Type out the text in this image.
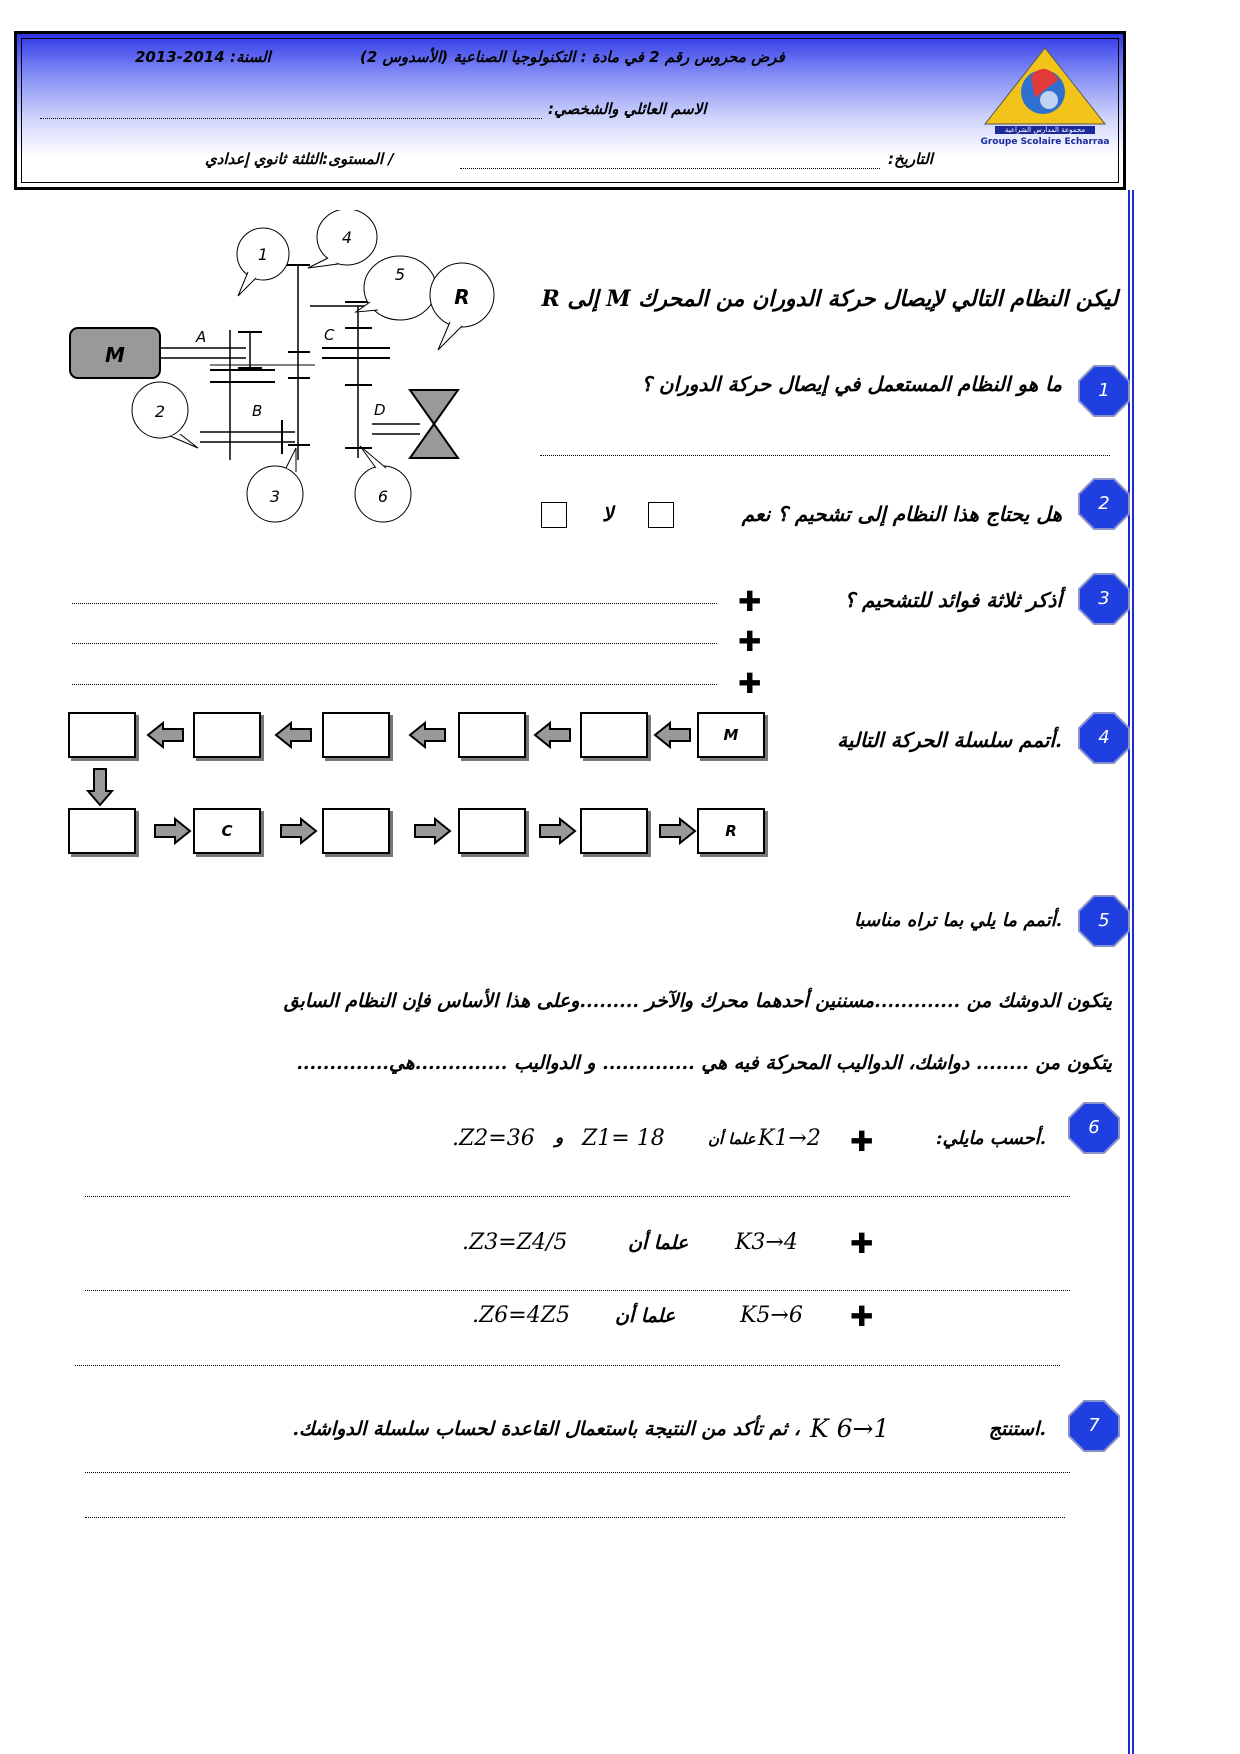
فرض محروس رقم 2 في مادة : التكنولوجيا الصناعية (الأسدوس 2)
السنة:
2013-2014
الاسم العائلي والشخصي:
التاريخ:
/ المستوى:الثلثة ثانوي إعدادي
Groupe Scolaire Echarraa
مجموعة المدارس الشراعية
M
A
B
C
D
1
2
3
4
5
6
R	ليكن النظام التالي لإيصال حركة الدوران من المحرك M إلى R
1
ما هو النظام المستعمل في إيصال حركة الدوران ؟
2
هل يحتاج هذا النظام إلى تشحيم ؟ نعم
لا
3
أذكر ثلاثة فوائد للتشحيم ؟
✚
✚
✚
4
.أتمم سلسلة الحركة التالية
M
R
C
5
.أتمم ما يلي بما تراه مناسبا
يتكون الدوشك من .............مسننين أحدهما محرك والآخر .........وعلى هذا الأساس فإن النظام السابق
يتكون من ........ دواشك، الدواليب المحركة فيه هي .............. و الدواليب ..............هي..............
6
.أحسب مايلي:
✚
K1→2
علما أن
Z1= 18
و
Z2=36.
✚
K3→4
علما أن
.Z3=Z4/5
✚
K5→6
علما أن
.Z6=4Z5
7
.استنتج
K 6→1
، ثم تأكد من النتيجة باستعمال القاعدة لحساب سلسلة الدواشك.
